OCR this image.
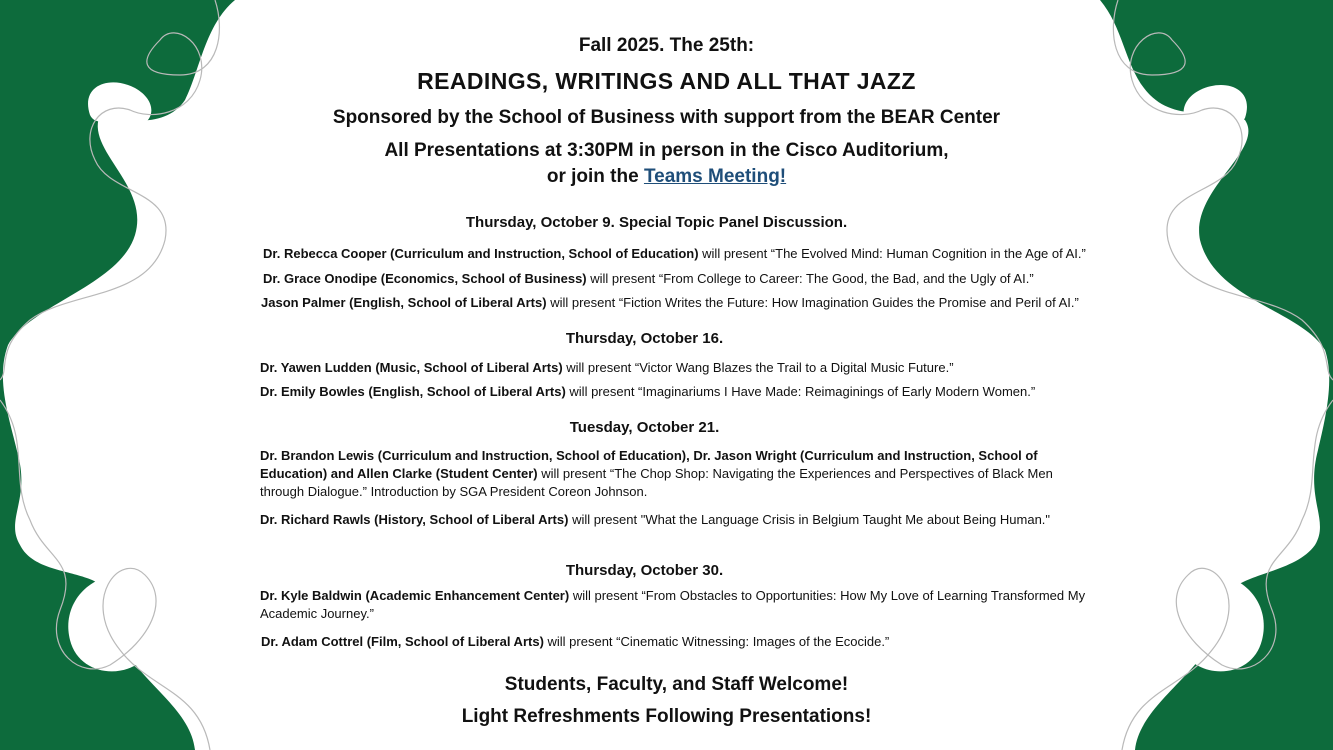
Fall 2025. The 25th:
READINGS, WRITINGS AND ALL THAT JAZZ
Sponsored by the School of Business with support from the BEAR Center
All Presentations at 3:30PM in person in the Cisco Auditorium,
or join the Teams Meeting!
Thursday, October 9. Special Topic Panel Discussion.
Dr. Rebecca Cooper (Curriculum and Instruction, School of Education) will present “The Evolved Mind: Human Cognition in the Age of AI.”
Dr. Grace Onodipe (Economics, School of Business) will present “From College to Career: The Good, the Bad, and the Ugly of AI.”
Jason Palmer (English, School of Liberal Arts) will present “Fiction Writes the Future: How Imagination Guides the Promise and Peril of AI.”
Thursday, October 16.
Dr. Yawen Ludden (Music, School of Liberal Arts) will present “Victor Wang Blazes the Trail to a Digital Music Future.”
Dr. Emily Bowles (English, School of Liberal Arts) will present “Imaginariums I Have Made: Reimaginings of Early Modern Women.”
Tuesday, October 21.
Dr. Brandon Lewis (Curriculum and Instruction, School of Education), Dr. Jason Wright (Curriculum and Instruction, School of Education) and Allen Clarke (Student Center) will present “The Chop Shop: Navigating the Experiences and Perspectives of Black Men through Dialogue.” Introduction by SGA President Coreon Johnson.
Dr. Richard Rawls (History, School of Liberal Arts) will present "What the Language Crisis in Belgium Taught Me about Being Human."
Thursday, October 30.
Dr. Kyle Baldwin (Academic Enhancement Center) will present “From Obstacles to Opportunities: How My Love of Learning Transformed My Academic Journey.”
Dr. Adam Cottrel (Film, School of Liberal Arts) will present “Cinematic Witnessing: Images of the Ecocide.”
Students, Faculty, and Staff Welcome!
Light Refreshments Following Presentations!
